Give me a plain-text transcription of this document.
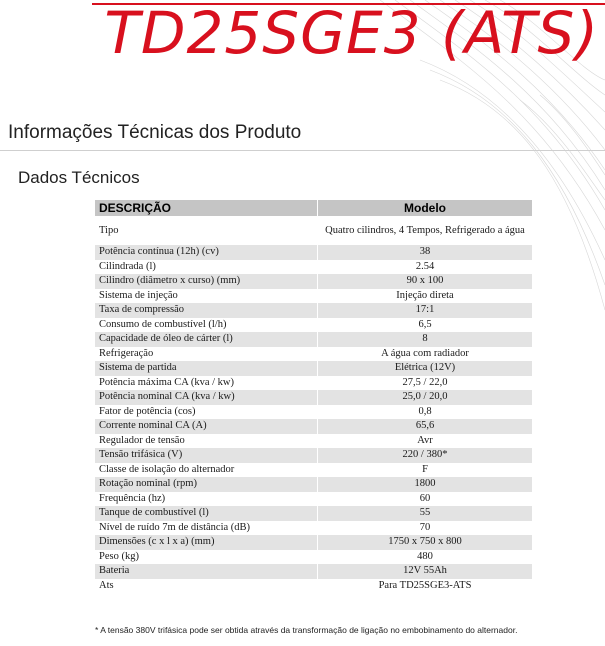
TD25SGE3 (ATS)
Informações Técnicas dos Produto
Dados Técnicos
DESCRIÇÃO	Modelo
Tipo	Quatro cilindros, 4 Tempos, Refrigerado a água
Potência contínua (12h) (cv)	38
Cilindrada (l)	2.54
Cilindro (diâmetro x curso) (mm)	90 x 100
Sistema de injeção	Injeção direta
Taxa de compressão	17:1
Consumo de combustível (l/h)	6,5
Capacidade de óleo de cárter (l)	8
Refrigeração	A água com radiador
Sistema de partida	Elétrica (12V)
Potência máxima CA (kva / kw)	27,5 / 22,0
Potência nominal CA (kva / kw)	25,0 / 20,0
Fator de potência (cos)	0,8
Corrente nominal CA (A)	65,6
Regulador de tensão	Avr
Tensão trifásica (V)	220 / 380*
Classe de isolação do alternador	F
Rotação nominal (rpm)	1800
Frequência (hz)	60
Tanque de combustível (l)	55
Nível de ruído 7m de distância (dB)	70
Dimensões (c x l x a) (mm)	1750 x 750 x 800
Peso (kg)	480
Bateria	12V 55Ah
Ats	Para TD25SGE3-ATS
* A tensão 380V trifásica pode ser obtida através da transformação de ligação no embobinamento do alternador.
